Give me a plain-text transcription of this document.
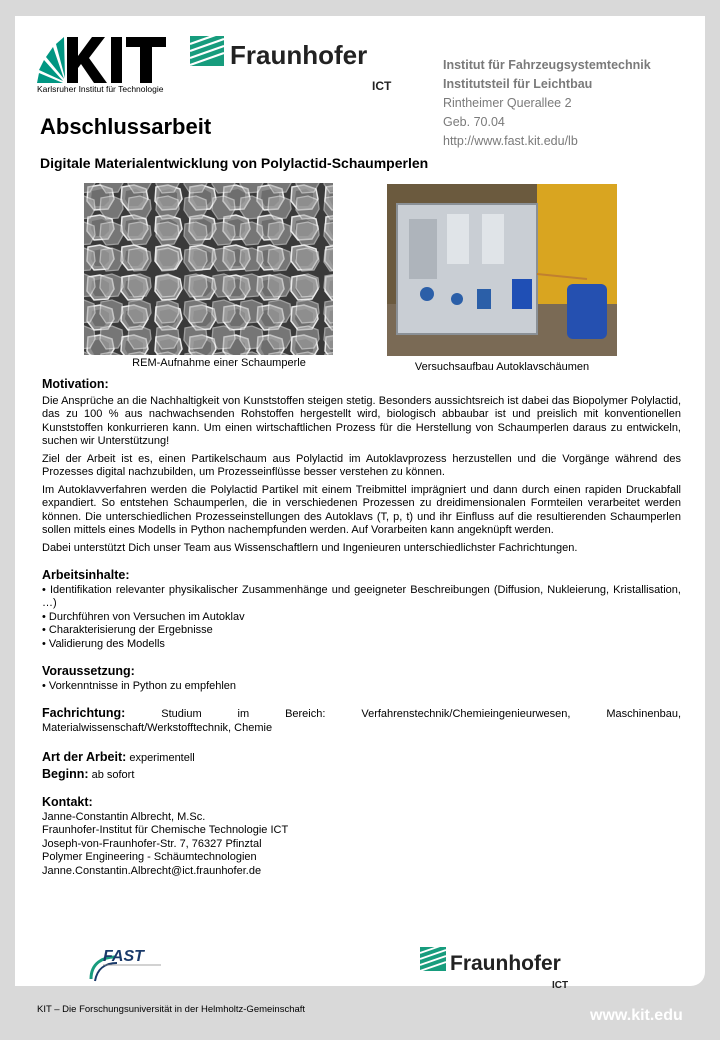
Karlsruher Institut für Technologie
Fraunhofer
ICT
Institut für Fahrzeugsystemtechnik
Institutsteil für Leichtbau
Rintheimer Querallee 2
Geb. 70.04
http://www.fast.kit.edu/lb
Abschlussarbeit
Digitale Materialentwicklung von Polylactid-Schaumperlen
REM-Aufnahme einer Schaumperle	Versuchsaufbau Autoklavschäumen
Motivation:

Die Ansprüche an die Nachhaltigkeit von Kunststoffen steigen stetig. Besonders aussichtsreich ist dabei das Biopolymer Polylactid, das zu 100 % aus nachwachsenden Rohstoffen hergestellt wird, biologisch abbaubar ist und preislich mit konventionellen Kunststoffen konkurrieren kann. Um einen wirtschaftlichen Prozess für die Herstellung von Schaumperlen daraus zu entwickeln, suchen wir Unterstützung!

Ziel der Arbeit ist es, einen Partikelschaum aus Polylactid im Autoklavprozess herzustellen und die Vorgänge während des Prozesses digital nachzubilden, um Prozesseinflüsse besser verstehen zu können.

Im Autoklavverfahren werden die Polylactid Partikel mit einem Treibmittel imprägniert und dann durch einen rapiden Druckabfall expandiert. So entstehen Schaumperlen, die in verschiedenen Prozessen zu dreidimensionalen Formteilen verarbeitet werden können. Die unterschiedlichen Prozesseinstellungen des Autoklavs (T, p, t) und ihr Einfluss auf die resultierenden Schaumperlen sollen mittels eines Modells in Python nachempfunden werden. Auf Vorarbeiten kann angeknüpft werden.

Dabei unterstützt Dich unser Team aus Wissenschaftlern und Ingenieuren unterschiedlichster Fachrichtungen.

Arbeitsinhalte:
• Identifikation relevanter physikalischer Zusammenhänge und geeigneter Beschreibungen (Diffusion, Nukleierung, Kristallisation, …)
• Durchführen von Versuchen im Autoklav
• Charakterisierung der Ergebnisse
• Validierung des Modells
Voraussetzung:
• Vorkenntnisse in Python zu empfehlen
Fachrichtung:	Studium im Bereich: Verfahrenstechnik/Chemieingenieurwesen, Maschinenbau, Materialwissenschaft/Werkstofftechnik, Chemie
Art der Arbeit: experimentell
Beginn: ab sofort
Kontakt:
Janne-Constantin Albrecht, M.Sc.
Fraunhofer-Institut für Chemische Technologie ICT
Joseph-von-Fraunhofer-Str. 7, 76327 Pfinztal
Polymer Engineering - Schäumtechnologien
Janne.Constantin.Albrecht@ict.fraunhofer.de
FAST	Fraunhofer
ICT
KIT – Die Forschungsuniversität in der Helmholtz-Gemeinschaft	www.kit.edu
